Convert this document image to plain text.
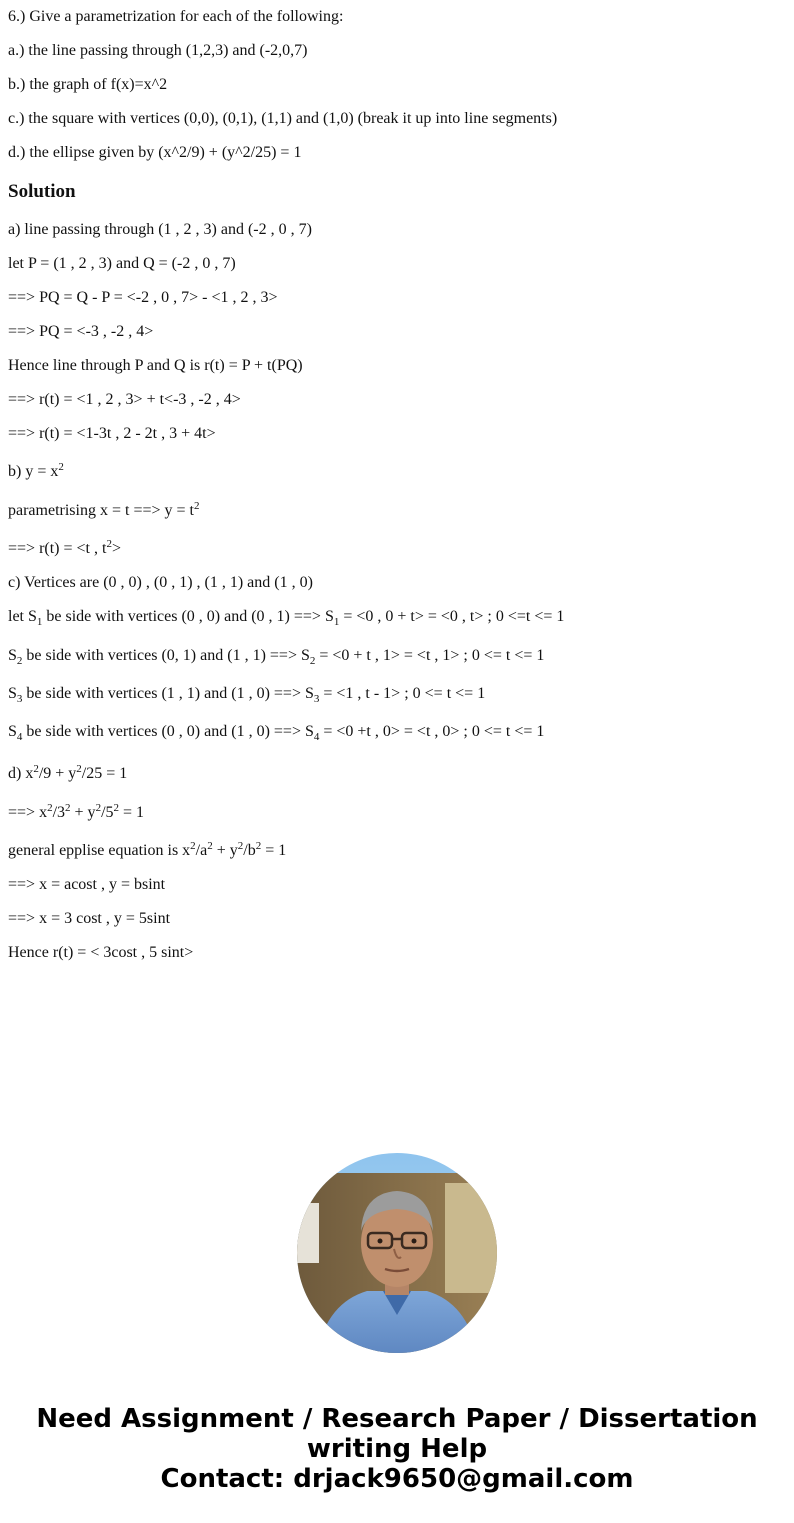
6.) Give a parametrization for each of the following:
a.) the line passing through (1,2,3) and (-2,0,7)
b.) the graph of f(x)=x^2
c.) the square with vertices (0,0), (0,1), (1,1) and (1,0) (break it up into line segments)
d.) the ellipse given by (x^2/9) + (y^2/25) = 1
Solution
a) line passing through (1 , 2 , 3) and (-2 , 0 , 7)
let P = (1 , 2 , 3) and Q = (-2 , 0 , 7)
==> PQ = Q - P = <-2 , 0 , 7> - <1 , 2 , 3>
==> PQ = <-3 , -2 , 4>
Hence line through P and Q is r(t) = P + t(PQ)
==> r(t) = <1 , 2 , 3> + t<-3 , -2 , 4>
==> r(t) = <1-3t , 2 - 2t , 3 + 4t>
b) $y = x^2$
parametrising x = t ==> $y = t^2$
==> r(t) = <t , $t^2>$
c) Vertices are (0 , 0) , (0 , 1) , (1 , 1) and (1 , 0)
let $S_1$ be side with vertices (0 , 0) and (0 , 1) ==> $S_1 = <0$ , 0 + t> = <0 , t> ; 0 <=t <= 1
$S_2$ be side with vertices (0, 1) and (1 , 1) ==> $S_2 = <0 + t$ , 1> = <t , 1> ; 0 <= t <= 1
$S_3$ be side with vertices (1 , 1) and (1 , 0) ==> $S_3 = <1$ , t - 1> ; 0 <= t <= 1
$S_4$ be side with vertices (0 , 0) and (1 , 0) ==> $S_4 = <0 +t$ , 0> = <t , 0> ; 0 <= t <= 1
d) $x^2/9 + y^2/25 = 1$
==> $x^2/3^2 + y^2/5^2 = 1$
general epplise equation is $x^2/a^2 + y^2/b^2 = 1$
==> x = acost , y = bsint
==> x = 3 cost , y = 5sint
Hence r(t) = < 3cost , 5 sint>
Need Assignment / Research Paper / Dissertation
writing Help
Contact: drjack9650@gmail.com
